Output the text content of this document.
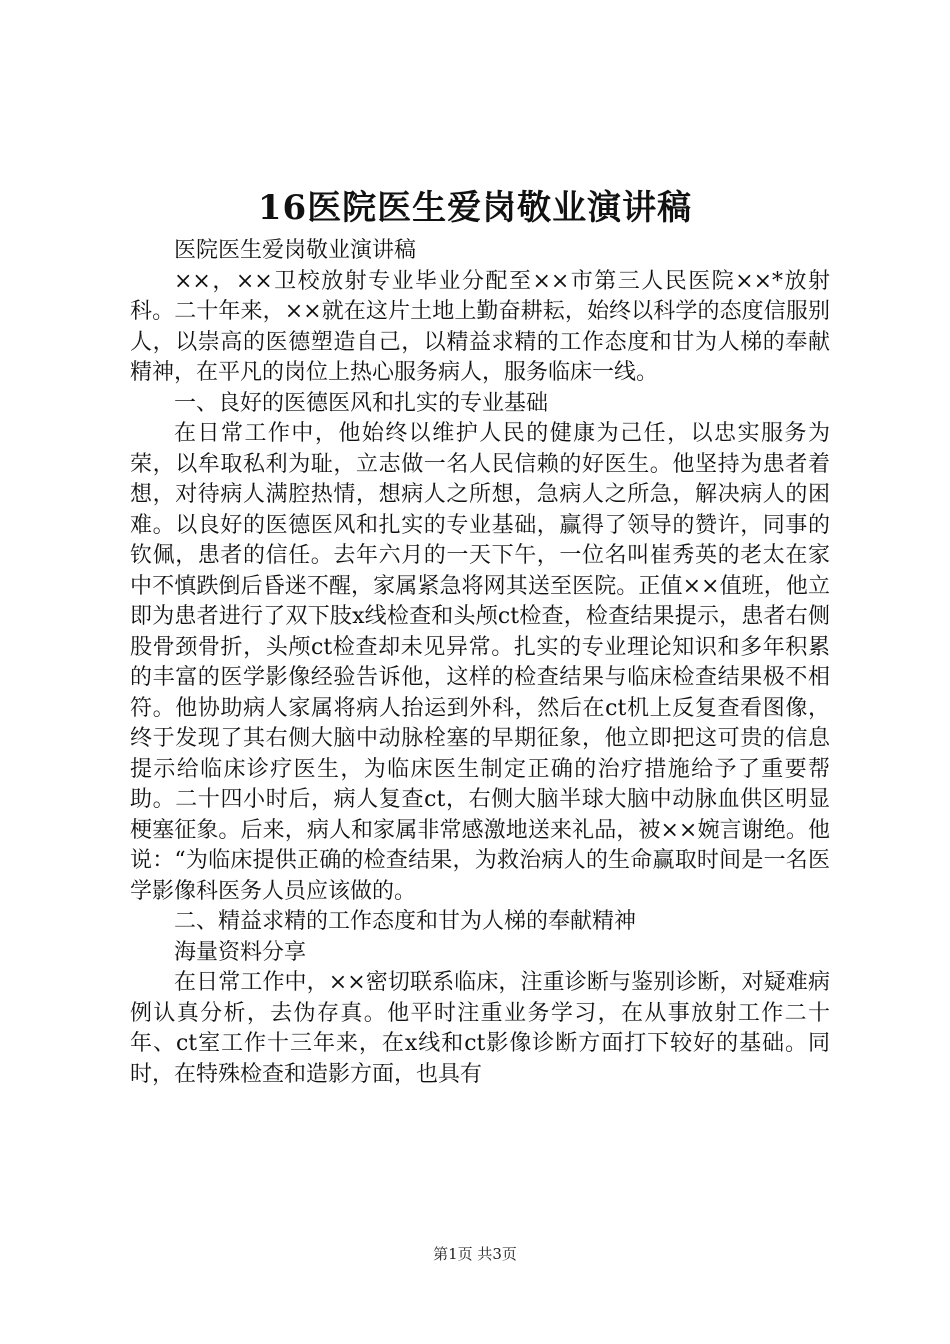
16医院医生爱岗敬业演讲稿

医院医生爱岗敬业演讲稿

××，××卫校放射专业毕业分配至××市第三人民医院××*放射科。二十年来，××就在这片土地上勤奋耕耘，始终以科学的态度信服别人，以崇高的医德塑造自己，以精益求精的工作态度和甘为人梯的奉献精神，在平凡的岗位上热心服务病人，服务临床一线。

一、良好的医德医风和扎实的专业基础

在日常工作中，他始终以维护人民的健康为己任，以忠实服务为荣，以牟取私利为耻，立志做一名人民信赖的好医生。他坚持为患者着想，对待病人满腔热情，想病人之所想，急病人之所急，解决病人的困难。以良好的医德医风和扎实的专业基础，赢得了领导的赞许，同事的钦佩，患者的信任。去年六月的一天下午，一位名叫崔秀英的老太在家中不慎跌倒后昏迷不醒，家属紧急将网其送至医院。正值××值班，他立即为患者进行了双下肢x线检查和头颅ct检查，检查结果提示，患者右侧股骨颈骨折，头颅ct检查却未见异常。扎实的专业理论知识和多年积累的丰富的医学影像经验告诉他，这样的检查结果与临床检查结果极不相符。他协助病人家属将病人抬运到外科，然后在ct机上反复查看图像，终于发现了其右侧大脑中动脉栓塞的早期征象，他立即把这可贵的信息提示给临床诊疗医生，为临床医生制定正确的治疗措施给予了重要帮助。二十四小时后，病人复查ct，右侧大脑半球大脑中动脉血供区明显梗塞征象。后来，病人和家属非常感激地送来礼品，被××婉言谢绝。他说：“为临床提供正确的检查结果，为救治病人的生命赢取时间是一名医学影像科医务人员应该做的。

二、精益求精的工作态度和甘为人梯的奉献精神

海量资料分享

在日常工作中，××密切联系临床，注重诊断与鉴别诊断，对疑难病例认真分析，去伪存真。他平时注重业务学习，在从事放射工作二十年、ct室工作十三年来，在x线和ct影像诊断方面打下较好的基础。同时，在特殊检查和造影方面，也具有

第1页 共3页
